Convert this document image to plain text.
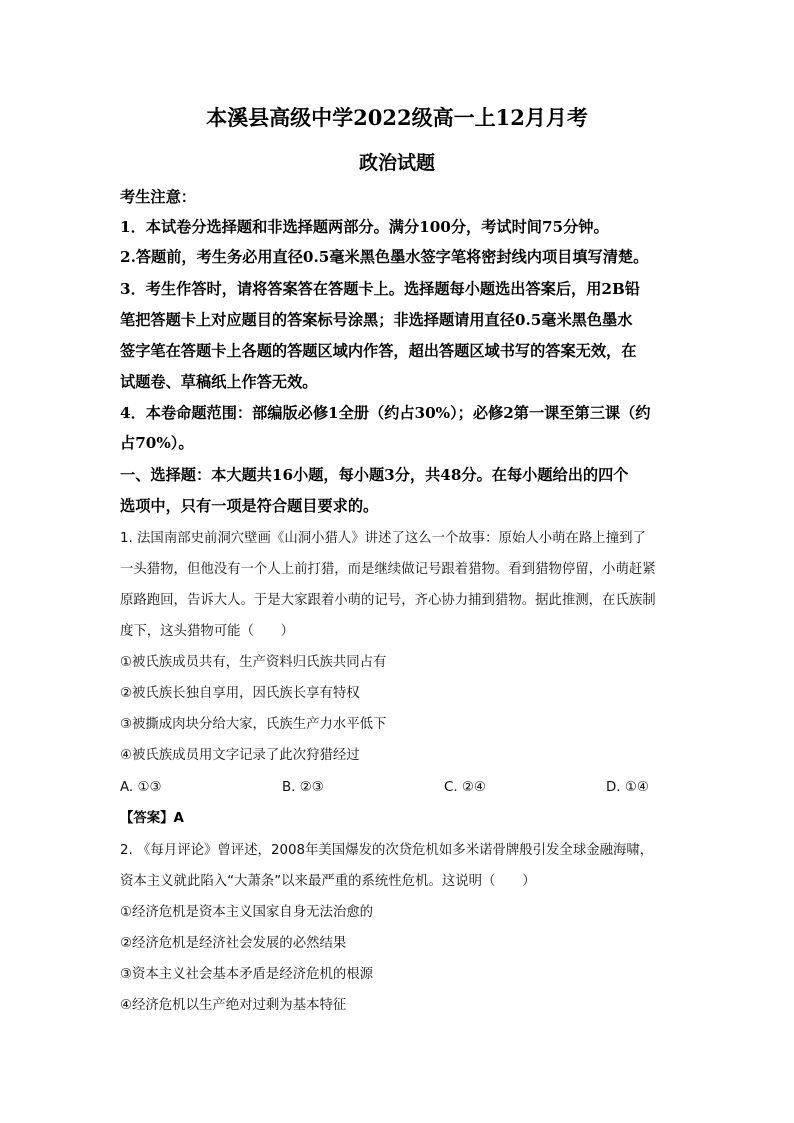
本溪县高级中学2022级高一上12月月考
政治试题
考生注意：
1．本试卷分选择题和非选择题两部分。满分100分，考试时间75分钟。
2.答题前，考生务必用直径0.5毫米黑色墨水签字笔将密封线内项目填写清楚。
3．考生作答时，请将答案答在答题卡上。选择题每小题选出答案后，用2B铅
笔把答题卡上对应题目的答案标号涂黑；非选择题请用直径0.5毫米黑色墨水
签字笔在答题卡上各题的答题区域内作答，超出答题区域书写的答案无效，在
试题卷、草稿纸上作答无效。
4．本卷命题范围：部编版必修1全册（约占30%）；必修2第一课至第三课（约
占70%）。
一、选择题：本大题共16小题，每小题3分，共48分。在每小题给出的四个
选项中，只有一项是符合题目要求的。
1. 法国南部史前洞穴壁画《山洞小猎人》讲述了这么一个故事：原始人小萌在路上撞到了
一头猎物，但他没有一个人上前打猎，而是继续做记号跟着猎物。看到猎物停留，小萌赶紧
原路跑回，告诉大人。于是大家跟着小萌的记号，齐心协力捕到猎物。据此推测，在氏族制
度下，这头猎物可能（　　）
①被氏族成员共有，生产资料归氏族共同占有
②被氏族长独自享用，因氏族长享有特权
③被撕成肉块分给大家，氏族生产力水平低下
④被氏族成员用文字记录了此次狩猎经过
A. ①③	B. ②③	C. ②④	D. ①④
【答案】A
2. 《每月评论》曾评述，2008年美国爆发的次贷危机如多米诺骨牌般引发全球金融海啸，
资本主义就此陷入“大萧条”以来最严重的系统性危机。这说明（　　）
①经济危机是资本主义国家自身无法治愈的
②经济危机是经济社会发展的必然结果
③资本主义社会基本矛盾是经济危机的根源
④经济危机以生产绝对过剩为基本特征
